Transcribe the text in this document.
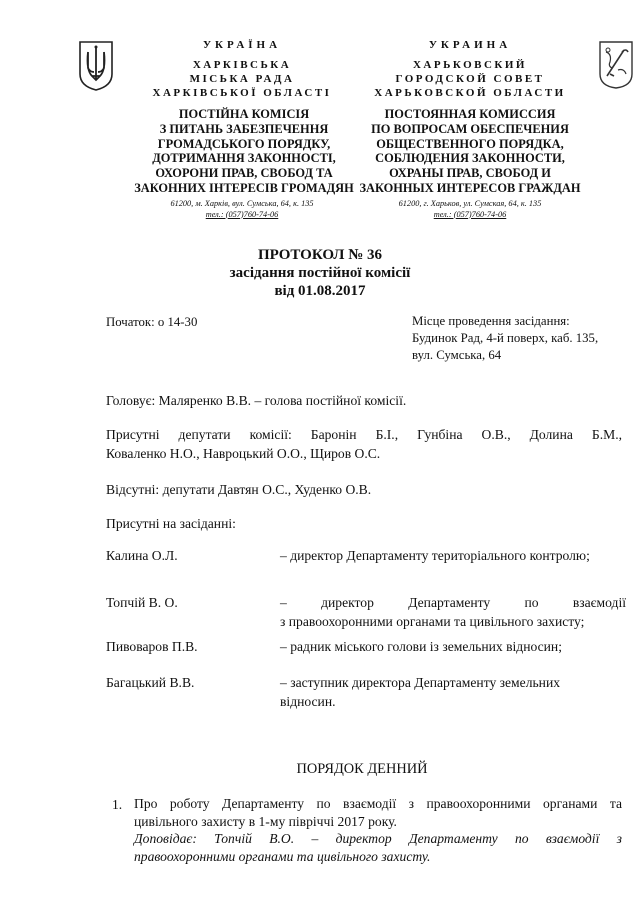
УКРАЇНА
ХАРКІВСЬКА
МІСЬКА РАДА
ХАРКІВСЬКОЇ ОБЛАСТІ
ПОСТІЙНА КОМІСІЯ
З ПИТАНЬ ЗАБЕЗПЕЧЕННЯ
ГРОМАДСЬКОГО ПОРЯДКУ,
ДОТРИМАННЯ ЗАКОННОСТІ,
ОХОРОНИ ПРАВ, СВОБОД ТА
ЗАКОННИХ ІНТЕРЕСІВ ГРОМАДЯН
61200, м. Харків, вул. Сумська, 64, к. 135
тел.: (057)760-74-06
УКРАИНА
ХАРЬКОВСКИЙ
ГОРОДСКОЙ СОВЕТ
ХАРЬКОВСКОЙ ОБЛАСТИ
ПОСТОЯННАЯ КОМИССИЯ
ПО ВОПРОСАМ ОБЕСПЕЧЕНИЯ
ОБЩЕСТВЕННОГО ПОРЯДКА,
СОБЛЮДЕНИЯ ЗАКОННОСТИ,
ОХРАНЫ ПРАВ, СВОБОД И
ЗАКОННЫХ ИНТЕРЕСОВ ГРАЖДАН
61200, г. Харьков, ул. Сумская, 64, к. 135
тел.: (057)760-74-06
ПРОТОКОЛ № 36
засідання постійної комісії
від 01.08.2017
Початок: о 14-30	Місце проведення засідання:
Будинок Рад, 4-й поверх, каб. 135,
вул. Сумська, 64
Головує: Маляренко В.В. – голова постійної комісії.
Присутні депутати комісії: Баронін Б.І., Гунбіна О.В., Долина Б.М.,
Коваленко Н.О., Навроцький О.О., Щиров О.С.
Відсутні: депутати Давтян О.С., Худенко О.В.
Присутні на засіданні:
Калина О.Л.	– директор Департаменту територіального контролю;
Топчій В. О.	– директор Департаменту по взаємодії
з правоохоронними органами та цивільного захисту;
Пивоваров П.В.	– радник міського голови із земельних відносин;
Багацький В.В.	– заступник директора Департаменту земельних
відносин.
ПОРЯДОК ДЕННИЙ
1. Про роботу Департаменту по взаємодії з правоохоронними органами та
цивільного захисту в 1-му півріччі 2017 року.
Доповідає: Топчій В.О. – директор Департаменту по взаємодії з
правоохоронними органами та цивільного захисту.
